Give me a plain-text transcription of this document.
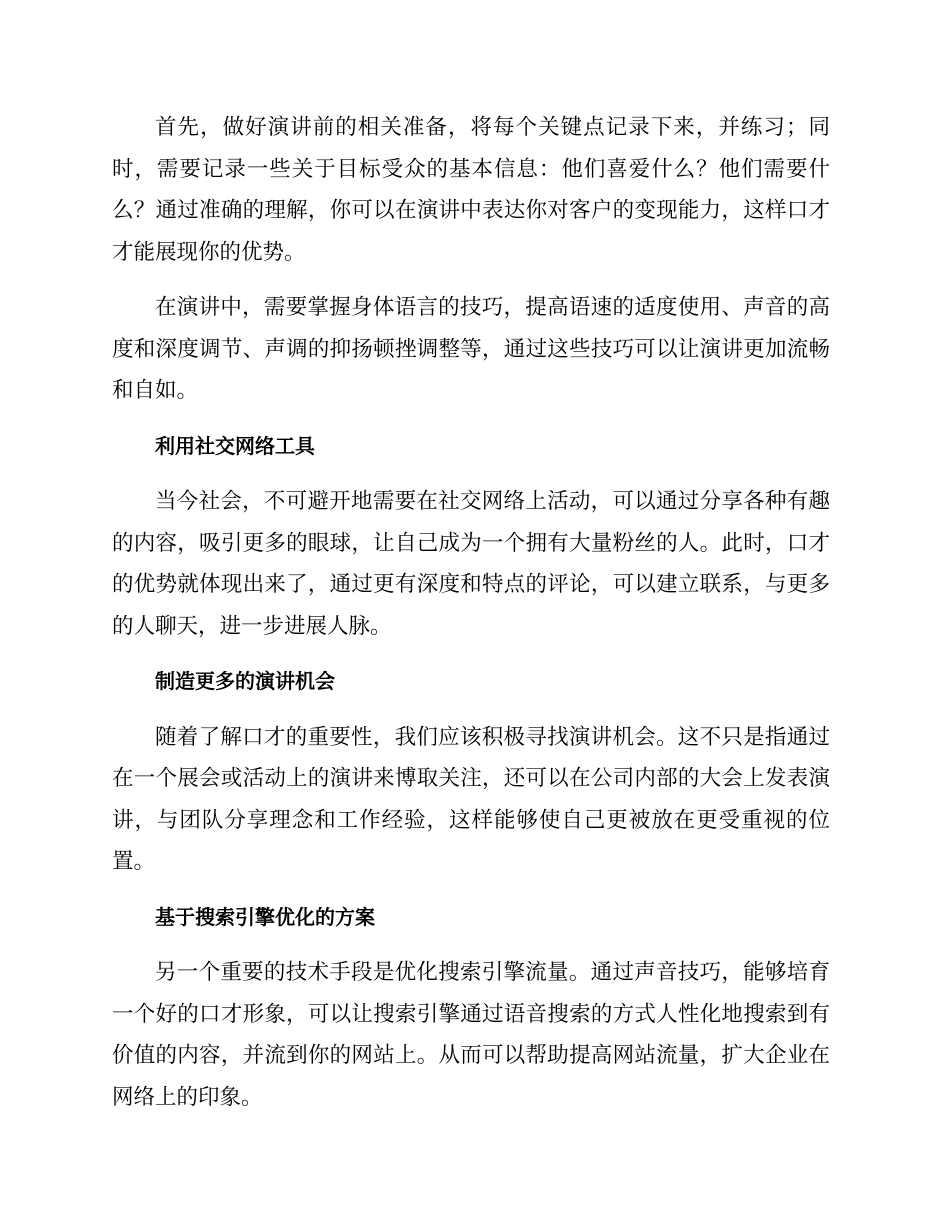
首先，做好演讲前的相关准备，将每个关键点记录下来，并练习；同时，需要记录一些关于目标受众的基本信息：他们喜爱什么？他们需要什么？通过准确的理解，你可以在演讲中表达你对客户的变现能力，这样口才才能展现你的优势。

在演讲中，需要掌握身体语言的技巧，提高语速的适度使用、声音的高度和深度调节、声调的抑扬顿挫调整等，通过这些技巧可以让演讲更加流畅和自如。

利用社交网络工具

当今社会，不可避开地需要在社交网络上活动，可以通过分享各种有趣的内容，吸引更多的眼球，让自己成为一个拥有大量粉丝的人。此时，口才的优势就体现出来了，通过更有深度和特点的评论，可以建立联系，与更多的人聊天，进一步进展人脉。

制造更多的演讲机会

随着了解口才的重要性，我们应该积极寻找演讲机会。这不只是指通过在一个展会或活动上的演讲来博取关注，还可以在公司内部的大会上发表演讲，与团队分享理念和工作经验，这样能够使自己更被放在更受重视的位置。

基于搜索引擎优化的方案

另一个重要的技术手段是优化搜索引擎流量。通过声音技巧，能够培育一个好的口才形象，可以让搜索引擎通过语音搜索的方式人性化地搜索到有价值的内容，并流到你的网站上。从而可以帮助提高网站流量，扩大企业在网络上的印象。
